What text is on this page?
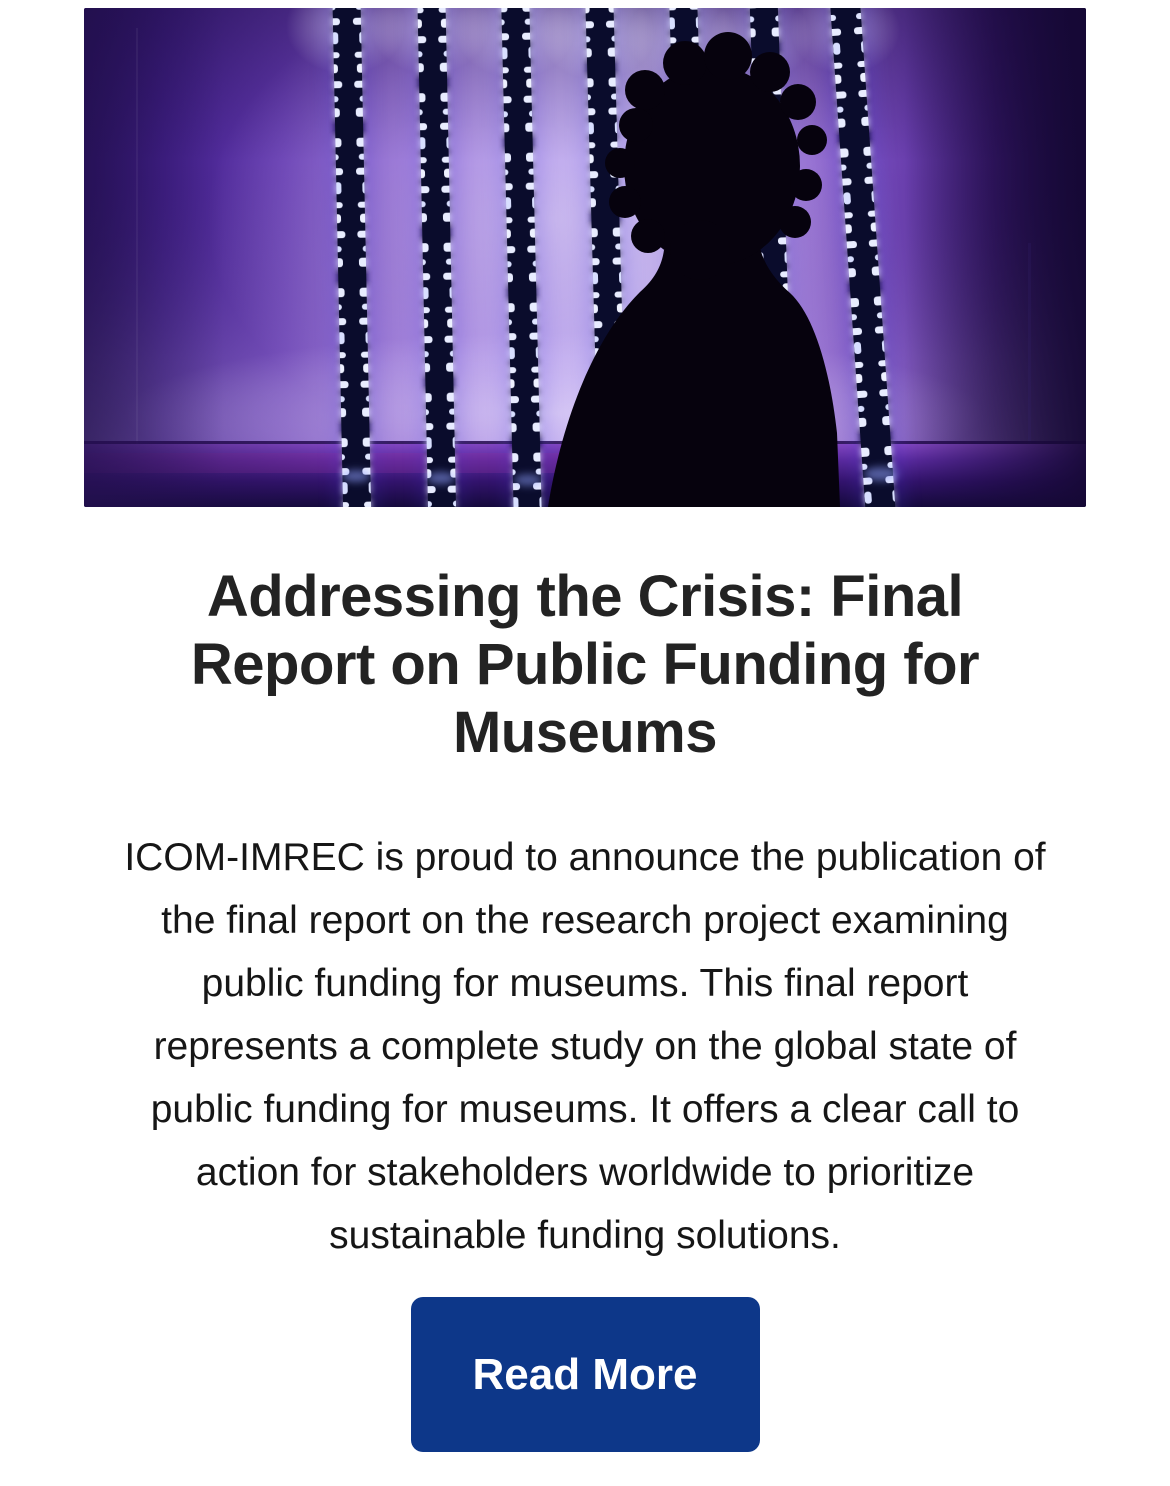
Addressing the Crisis: Final
Report on Public Funding for
Museums
ICOM-IMREC is proud to announce the publication of
the final report on the research project examining
public funding for museums. This final report
represents a complete study on the global state of
public funding for museums. It offers a clear call to
action for stakeholders worldwide to prioritize
sustainable funding solutions.
Read More
